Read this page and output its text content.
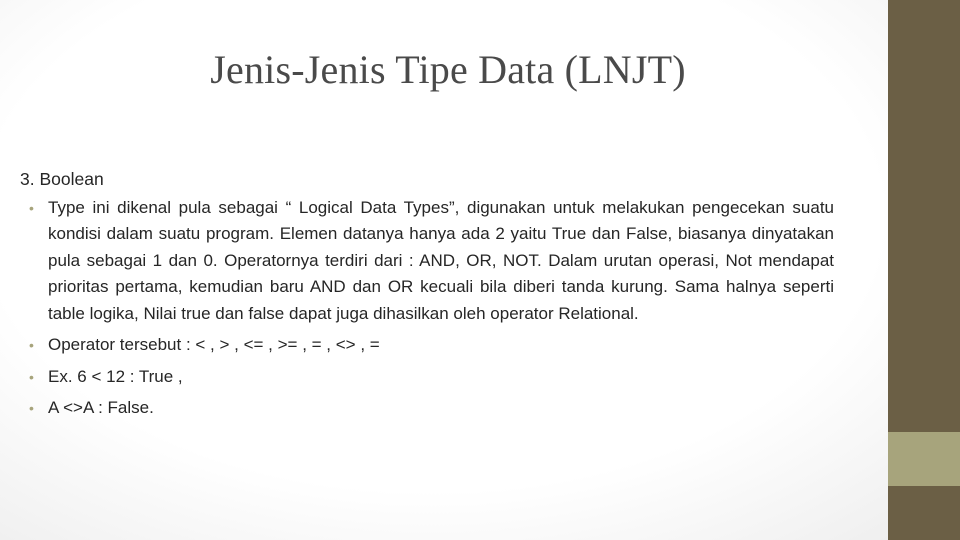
Jenis-Jenis Tipe Data (LNJT)
3. Boolean
• Type ini dikenal pula sebagai “ Logical Data Types”, digunakan untuk melakukan pengecekan suatu kondisi dalam suatu program. Elemen datanya hanya ada 2 yaitu True dan False, biasanya dinyatakan pula sebagai 1 dan 0. Operatornya terdiri dari : AND, OR, NOT. Dalam urutan operasi, Not mendapat prioritas pertama, kemudian baru AND dan OR kecuali bila diberi tanda kurung. Sama halnya seperti table logika, Nilai true dan false dapat juga dihasilkan oleh operator Relational.
• Operator tersebut : < , > , <= , >= , = , <> , =
• Ex. 6 < 12 : True ,
• A <>A : False.
